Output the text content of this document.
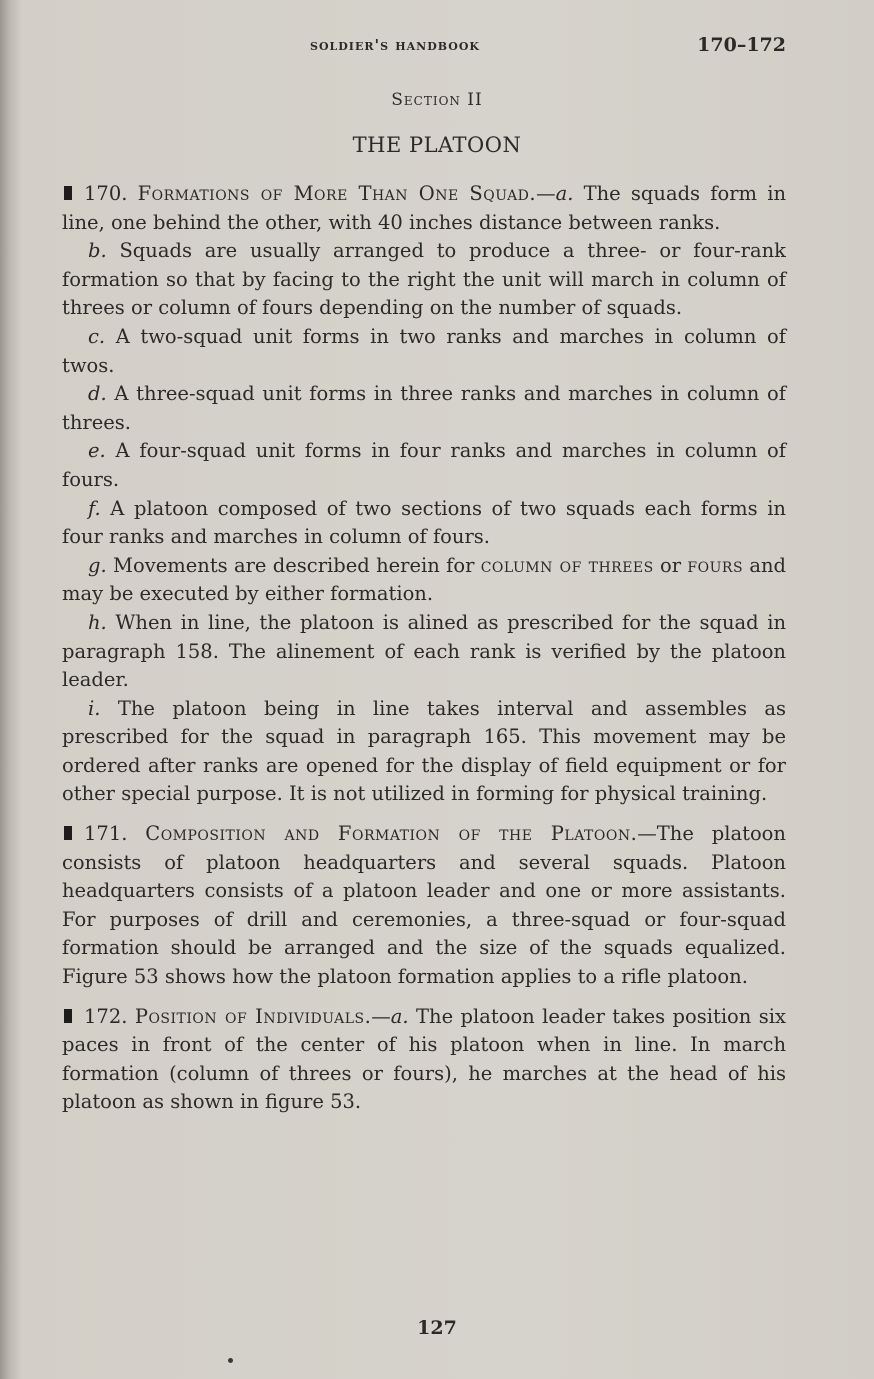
soldier's handbook	170–172
Section II
THE PLATOON

170. Formations of More Than One Squad.—a. The squads form in line, one behind the other, with 40 inches distance between ranks.

b. Squads are usually arranged to produce a three- or four-rank formation so that by facing to the right the unit will march in column of threes or column of fours depending on the number of squads.

c. A two-squad unit forms in two ranks and marches in column of twos.

d. A three-squad unit forms in three ranks and marches in column of threes.

e. A four-squad unit forms in four ranks and marches in column of fours.

f. A platoon composed of two sections of two squads each forms in four ranks and marches in column of fours.

g. Movements are described herein for column of threes or fours and may be executed by either formation.

h. When in line, the platoon is alined as prescribed for the squad in paragraph 158. The alinement of each rank is verified by the platoon leader.

i. The platoon being in line takes interval and assembles as prescribed for the squad in paragraph 165. This movement may be ordered after ranks are opened for the display of field equipment or for other special purpose. It is not utilized in forming for physical training.

171. Composition and Formation of the Platoon.—The platoon consists of platoon headquarters and several squads. Platoon headquarters consists of a platoon leader and one or more assistants. For purposes of drill and ceremonies, a three-squad or four-squad formation should be arranged and the size of the squads equalized. Figure 53 shows how the platoon formation applies to a rifle platoon.

172. Position of Individuals.—a. The platoon leader takes position six paces in front of the center of his platoon when in line. In march formation (column of threes or fours), he marches at the head of his platoon as shown in figure 53.

127
